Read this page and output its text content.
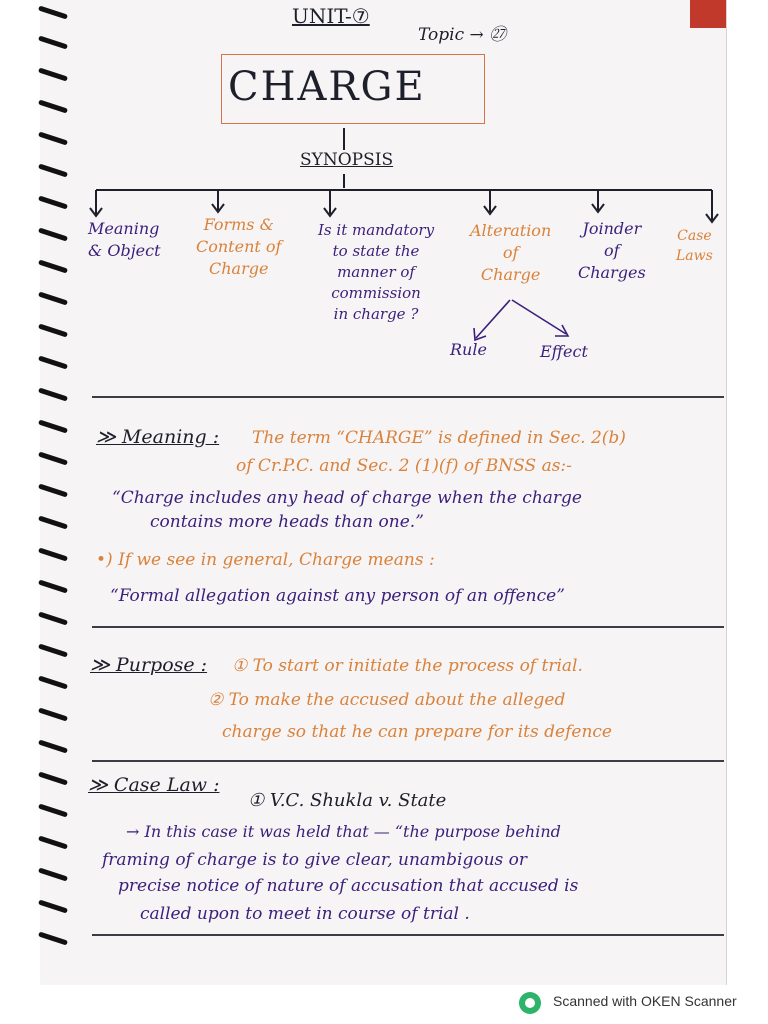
UNIT-⑦
Topic → ㉗
CHARGE
SYNOPSIS
Meaning
& Object
Forms &
Content of
Charge
Is it mandatory
to state the
manner of
commission
in charge ?
Alteration
of
Charge
Joinder
of
Charges
Case
Laws
Rule	Effect
≫ Meaning : The term “CHARGE” is defined in Sec. 2(b)
of Cr.P.C. and Sec. 2 (1)(f) of BNSS as:-
“Charge includes any head of charge when the charge
contains more heads than one.”
•) If we see in general, Charge means :
“Formal allegation against any person of an offence”
≫ Purpose : ① To start or initiate the process of trial.
② To make the accused about the alleged
charge so that he can prepare for its defence
≫ Case Law :
① V.C. Shukla v. State
→ In this case it was held that — “the purpose behind
framing of charge is to give clear, unambigous or
precise notice of nature of accusation that accused is
called upon to meet in course of trial .
Scanned with OKEN Scanner
